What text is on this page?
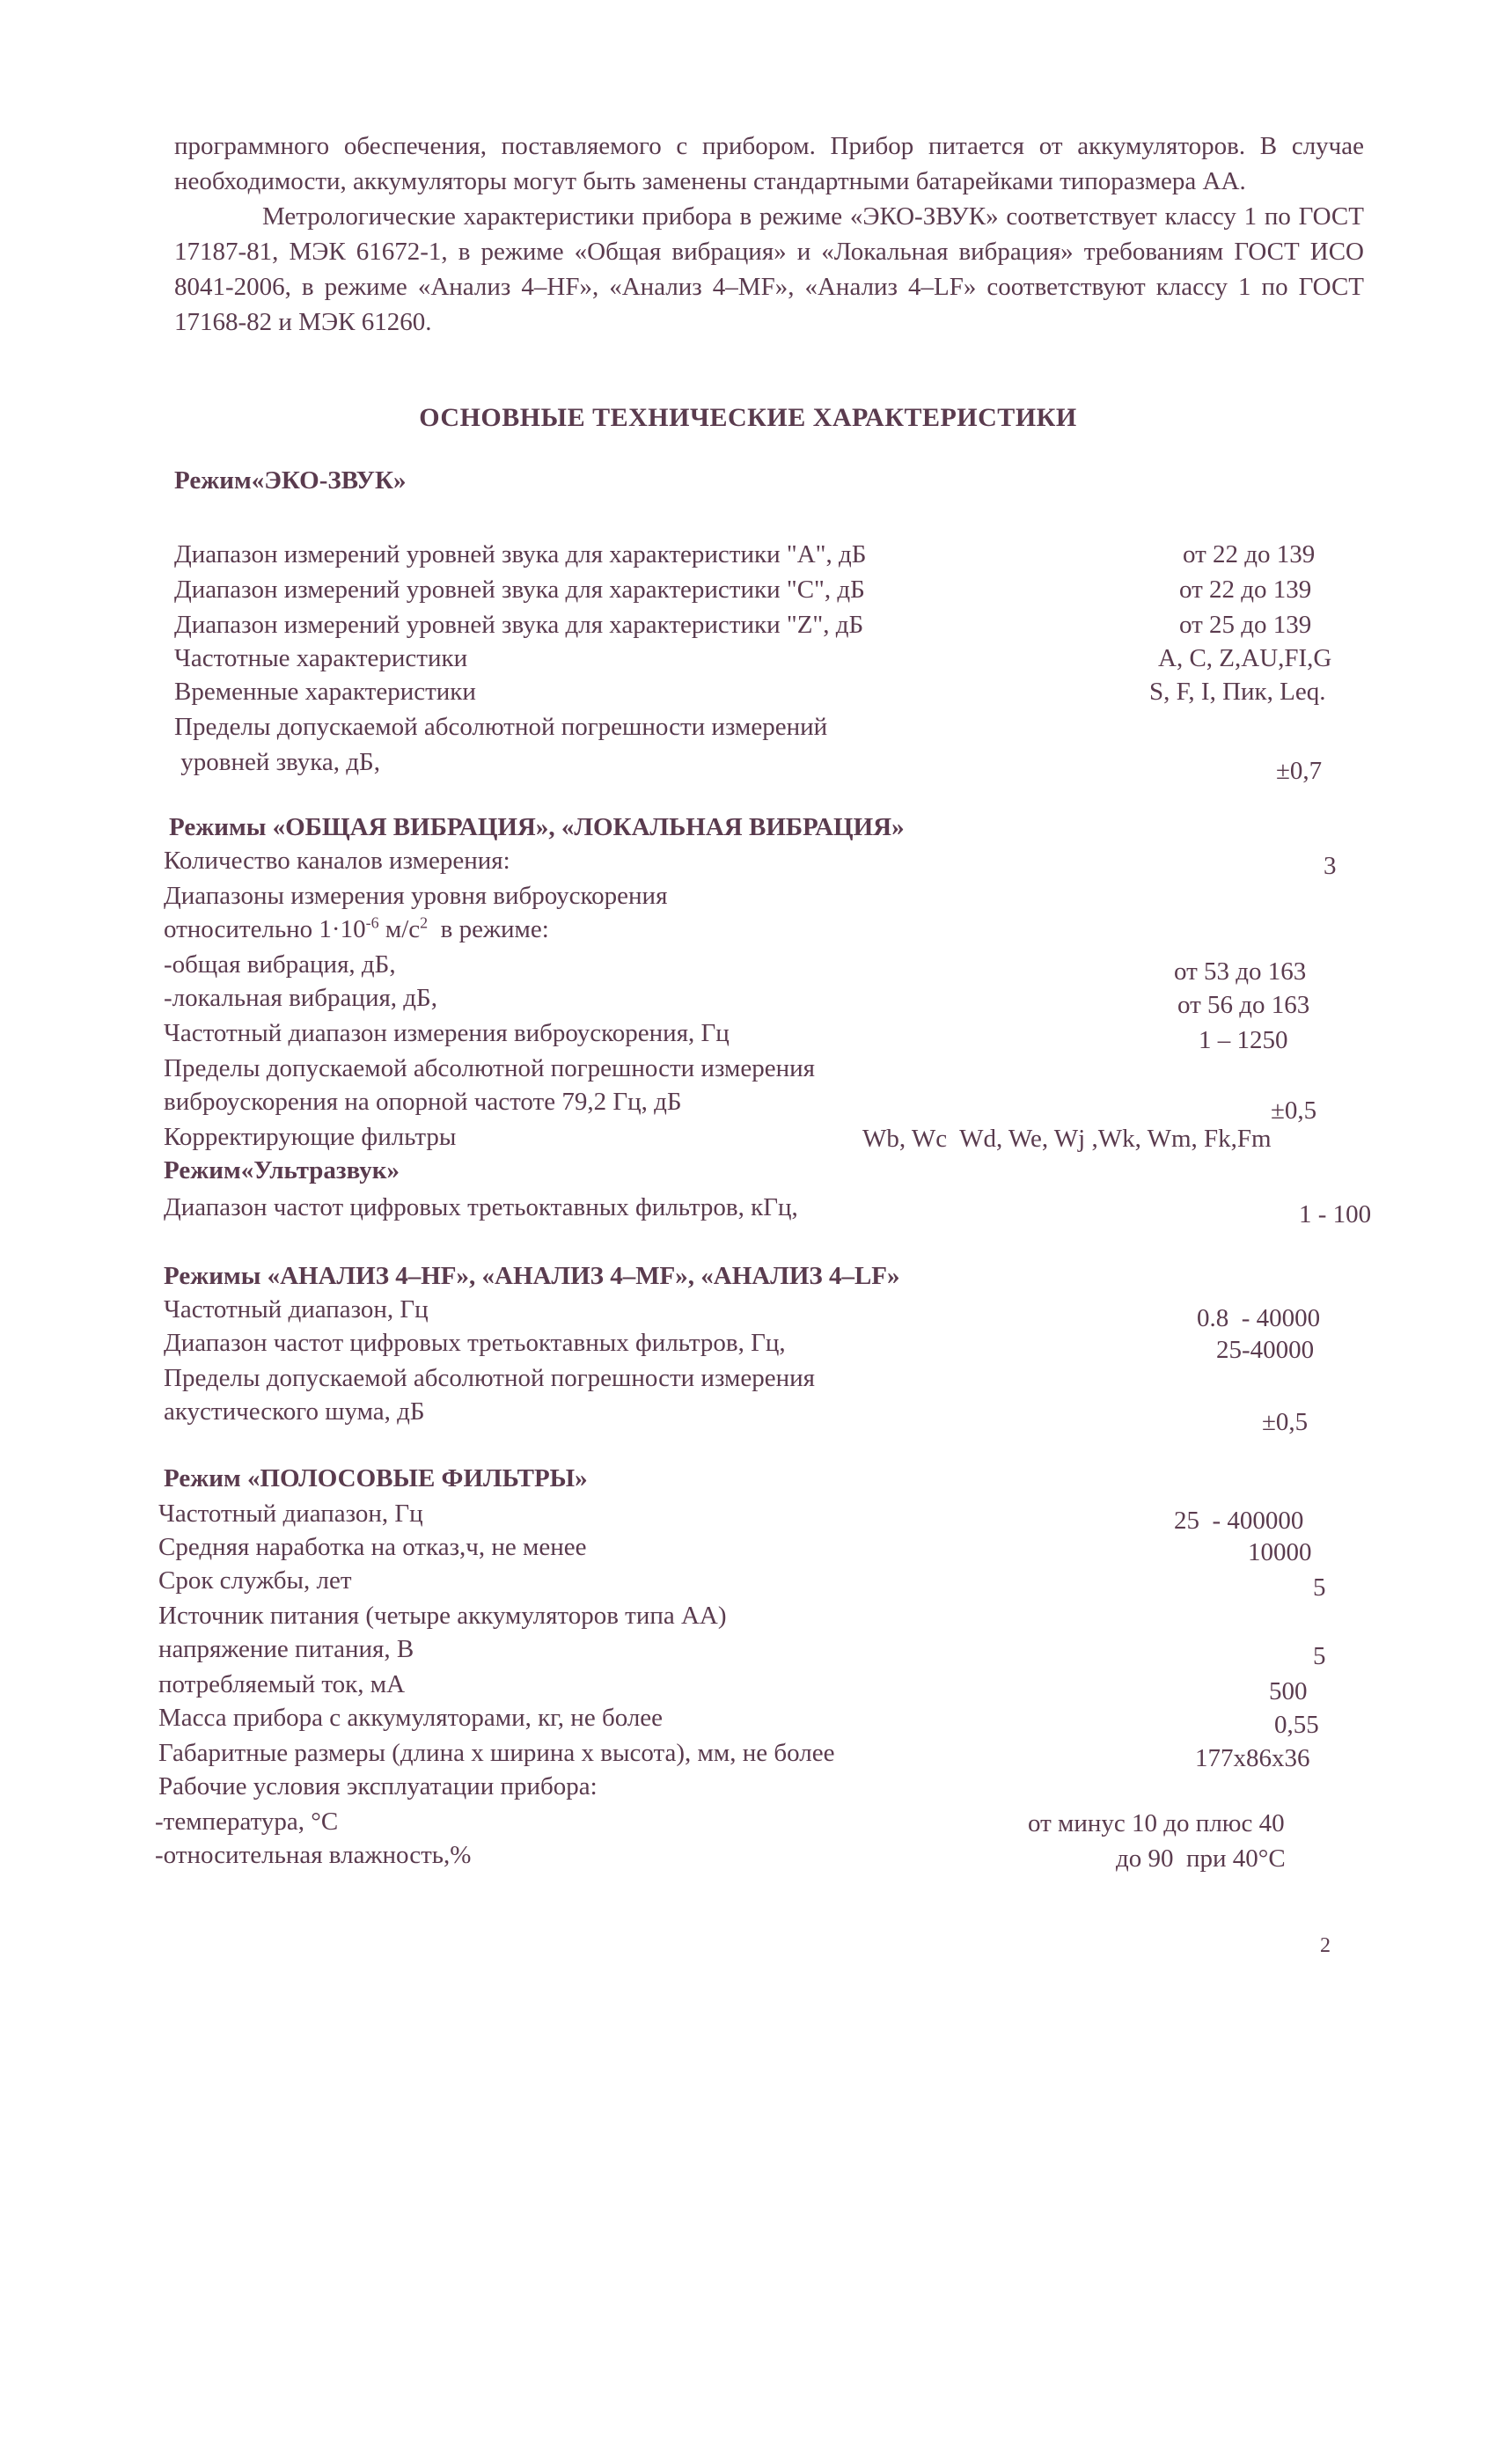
программного обеспечения, поставляемого с прибором. Прибор питается от аккумуляторов. В случае необходимости, аккумуляторы могут быть заменены стандартными батарейками типоразмера АА.

Метрологические характеристики прибора в режиме «ЭКО-ЗВУК» соответствует классу 1 по ГОСТ 17187-81, МЭК 61672-1, в режиме «Общая вибрация» и «Локальная вибрация» требованиям ГОСТ ИСО 8041-2006, в режиме «Анализ 4–HF», «Анализ 4–MF», «Анализ 4–LF» соответствуют классу 1 по ГОСТ 17168-82 и МЭК 61260.

ОСНОВНЫЕ ТЕХНИЧЕСКИЕ ХАРАКТЕРИСТИКИ
Режим«ЭКО-ЗВУК»
Диапазон измерений уровней звука для характеристики "А", дБ	от 22 до 139
Диапазон измерений уровней звука для характеристики "С", дБ	от 22 до 139
Диапазон измерений уровней звука для характеристики "Z", дБ	от 25 до 139
Частотные характеристики	A, C, Z,AU,FI,G
Временные характеристики	S, F, I, Пик, Leq.
Пределы допускаемой абсолютной погрешности измерений
уровней звука, дБ,	±0,7
Режимы «ОБЩАЯ ВИБРАЦИЯ», «ЛОКАЛЬНАЯ ВИБРАЦИЯ»
Количество каналов измерения:	3
Диапазоны измерения уровня виброускорения
относительно $1\cdot 10^{-6}$ $м/с^2$  в режиме:
-общая вибрация, дБ,	от 53 до 163
-локальная вибрация, дБ,	от 56 до 163
Частотный диапазон измерения виброускорения, Гц	1 – 1250
Пределы допускаемой абсолютной погрешности измерения
виброускорения на опорной частоте 79,2 Гц, дБ	±0,5
Корректирующие фильтры	Wb, Wc  Wd, We, Wj ,Wk, Wm, Fk,Fm
Режим«Ультразвук»
Диапазон частот цифровых третьоктавных фильтров, кГц,	1 - 100
Режимы «АНАЛИЗ 4–HF», «АНАЛИЗ 4–MF», «АНАЛИЗ 4–LF»
Частотный диапазон, Гц	0.8  - 40000
Диапазон частот цифровых третьоктавных фильтров, Гц,	25-40000
Пределы допускаемой абсолютной погрешности измерения
акустического шума, дБ	±0,5
Режим «ПОЛОСОВЫЕ ФИЛЬТРЫ»
Частотный диапазон, Гц	25  - 400000
Средняя наработка на отказ,ч, не менее	10000
Срок службы, лет	5
Источник питания (четыре аккумуляторов типа АА)
напряжение питания, В	5
потребляемый ток, мА	500
Масса прибора с аккумуляторами, кг, не более	0,55
Габаритные размеры (длина х ширина х высота), мм, не более	177х86х36
Рабочие условия эксплуатации прибора:
-температура, °С	от минус 10 до плюс 40
-относительная влажность,%	до 90  при 40°С
2
